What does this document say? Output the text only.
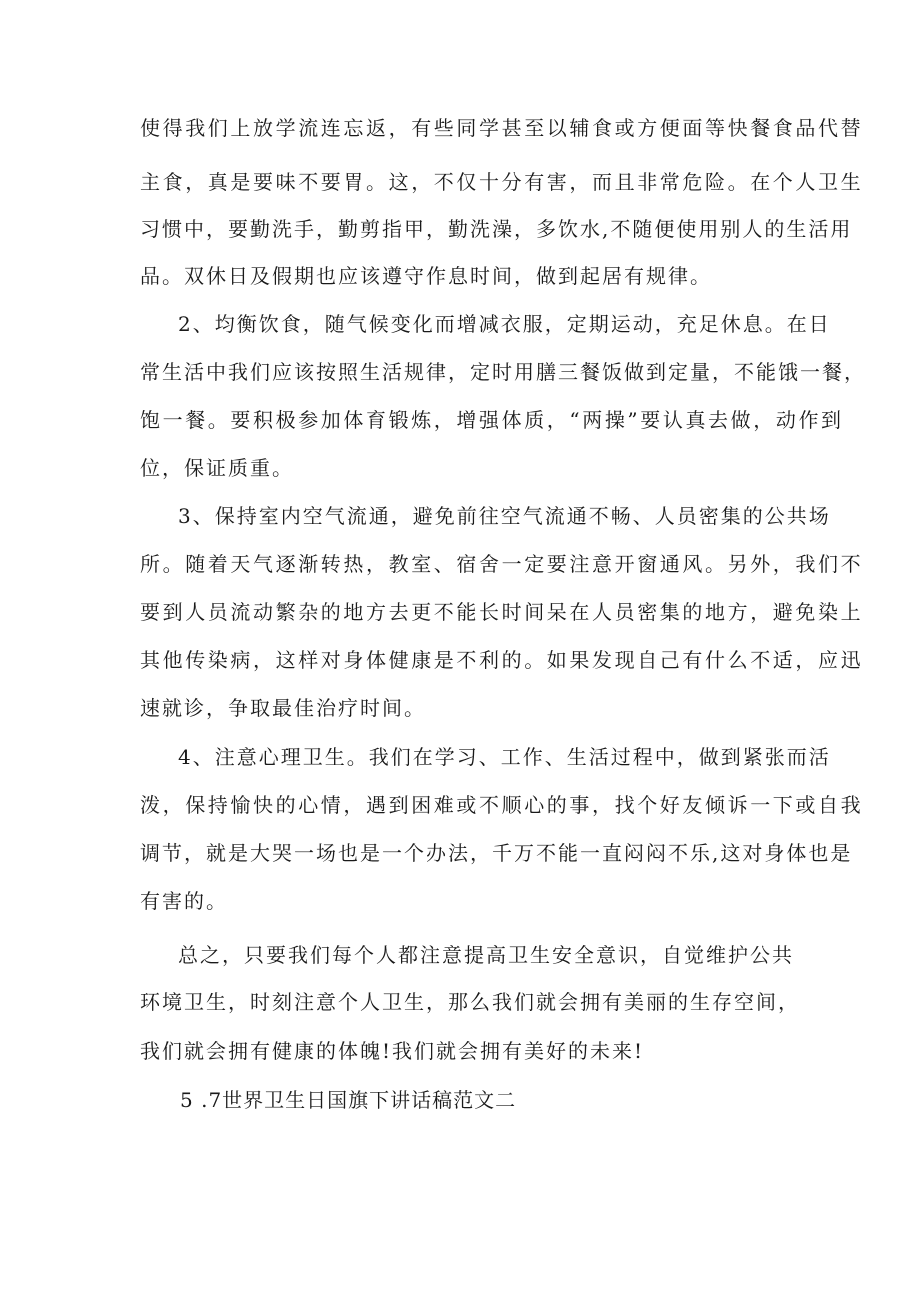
使得我们上放学流连忘返，有些同学甚至以辅食或方便面等快餐食品代替
主食，真是要味不要胃。这，不仅十分有害，而且非常危险。在个人卫生
习惯中，要勤洗手，勤剪指甲，勤洗澡，多饮水,不随便使用别人的生活用
品。双休日及假期也应该遵守作息时间，做到起居有规律。
2、均衡饮食，随气候变化而增减衣服，定期运动，充足休息。在日
常生活中我们应该按照生活规律，定时用膳三餐饭做到定量，不能饿一餐，
饱一餐。要积极参加体育锻炼，增强体质，“两操”要认真去做，动作到
位，保证质重。
3、保持室内空气流通，避免前往空气流通不畅、人员密集的公共场
所。随着天气逐渐转热，教室、宿舍一定要注意开窗通风。另外，我们不
要到人员流动繁杂的地方去更不能长时间呆在人员密集的地方，避免染上
其他传染病，这样对身体健康是不利的。如果发现自己有什么不适，应迅
速就诊，争取最佳治疗时间。
4、注意心理卫生。我们在学习、工作、生活过程中，做到紧张而活
泼，保持愉快的心情，遇到困难或不顺心的事，找个好友倾诉一下或自我
调节，就是大哭一场也是一个办法，千万不能一直闷闷不乐,这对身体也是
有害的。
总之，只要我们每个人都注意提高卫生安全意识，自觉维护公共
环境卫生，时刻注意个人卫生，那么我们就会拥有美丽的生存空间，
我们就会拥有健康的体魄!我们就会拥有美好的未来!
5 .7世界卫生日国旗下讲话稿范文二
